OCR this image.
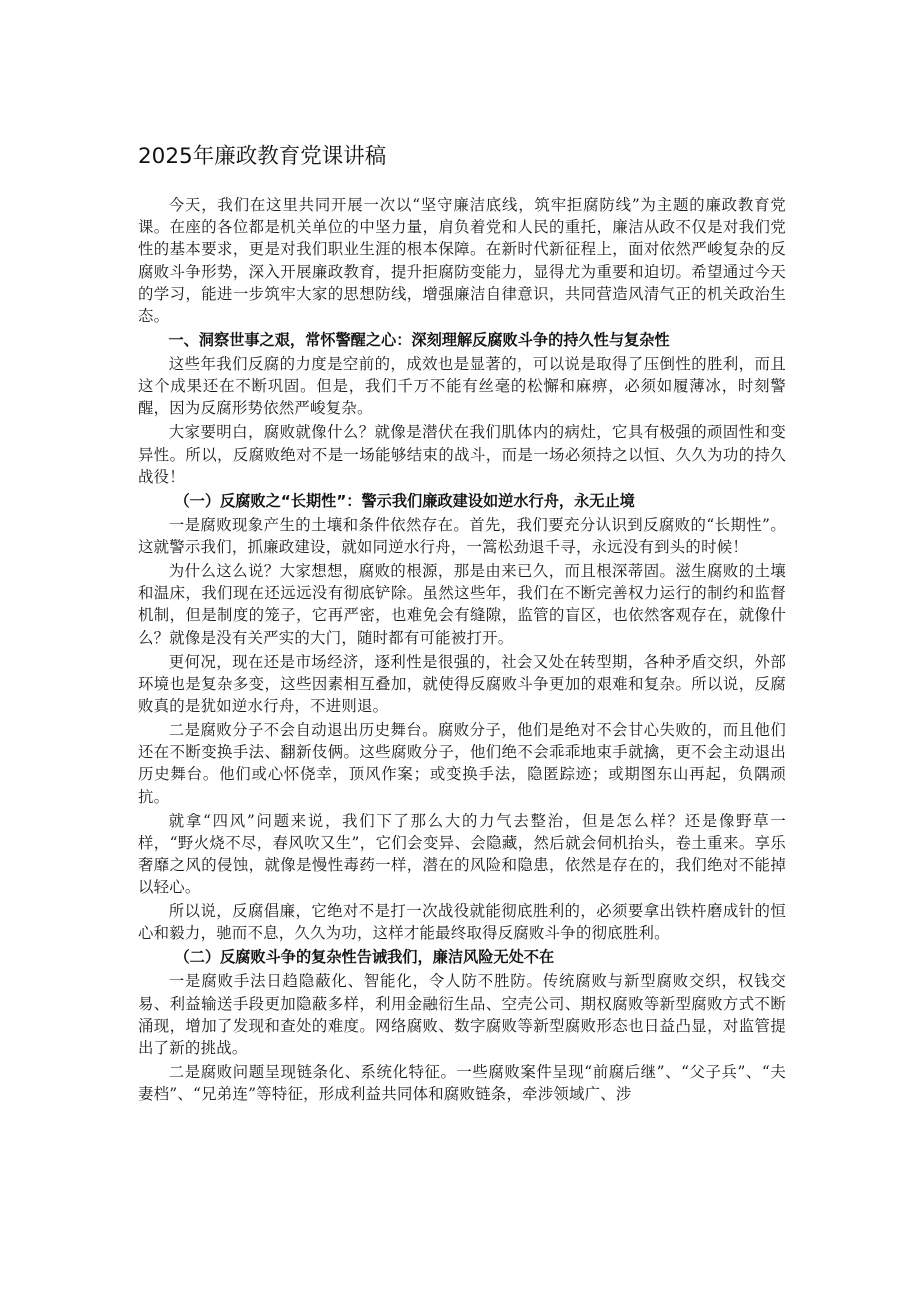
2025年廉政教育党课讲稿

今天，我们在这里共同开展一次以“坚守廉洁底线，筑牢拒腐防线”为主题的廉政教育党课。在座的各位都是机关单位的中坚力量，肩负着党和人民的重托，廉洁从政不仅是对我们党性的基本要求，更是对我们职业生涯的根本保障。在新时代新征程上，面对依然严峻复杂的反腐败斗争形势，深入开展廉政教育，提升拒腐防变能力，显得尤为重要和迫切。希望通过今天的学习，能进一步筑牢大家的思想防线，增强廉洁自律意识，共同营造风清气正的机关政治生态。

一、洞察世事之艰，常怀警醒之心：深刻理解反腐败斗争的持久性与复杂性

这些年我们反腐的力度是空前的，成效也是显著的，可以说是取得了压倒性的胜利，而且这个成果还在不断巩固。但是，我们千万不能有丝毫的松懈和麻痹，必须如履薄冰，时刻警醒，因为反腐形势依然严峻复杂。

大家要明白，腐败就像什么？就像是潜伏在我们肌体内的病灶，它具有极强的顽固性和变异性。所以，反腐败绝对不是一场能够结束的战斗，而是一场必须持之以恒、久久为功的持久战役！

（一）反腐败之“长期性”：警示我们廉政建设如逆水行舟，永无止境

一是腐败现象产生的土壤和条件依然存在。首先，我们要充分认识到反腐败的“长期性”。这就警示我们，抓廉政建设，就如同逆水行舟，一篙松劲退千寻，永远没有到头的时候！

为什么这么说？大家想想，腐败的根源，那是由来已久，而且根深蒂固。滋生腐败的土壤和温床，我们现在还远远没有彻底铲除。虽然这些年，我们在不断完善权力运行的制约和监督机制，但是制度的笼子，它再严密，也难免会有缝隙，监管的盲区，也依然客观存在，就像什么？就像是没有关严实的大门，随时都有可能被打开。

更何况，现在还是市场经济，逐利性是很强的，社会又处在转型期，各种矛盾交织，外部环境也是复杂多变，这些因素相互叠加，就使得反腐败斗争更加的艰难和复杂。所以说，反腐败真的是犹如逆水行舟，不进则退。

二是腐败分子不会自动退出历史舞台。腐败分子，他们是绝对不会甘心失败的，而且他们还在不断变换手法、翻新伎俩。这些腐败分子，他们绝不会乖乖地束手就擒，更不会主动退出历史舞台。他们或心怀侥幸，顶风作案；或变换手法，隐匿踪迹；或期图东山再起，负隅顽抗。

就拿“四风”问题来说，我们下了那么大的力气去整治，但是怎么样？还是像野草一样，“野火烧不尽，春风吹又生”，它们会变异、会隐藏，然后就会伺机抬头，卷土重来。享乐奢靡之风的侵蚀，就像是慢性毒药一样，潜在的风险和隐患，依然是存在的，我们绝对不能掉以轻心。

所以说，反腐倡廉，它绝对不是打一次战役就能彻底胜利的，必须要拿出铁杵磨成针的恒心和毅力，驰而不息，久久为功，这样才能最终取得反腐败斗争的彻底胜利。

（二）反腐败斗争的复杂性告诫我们，廉洁风险无处不在

一是腐败手法日趋隐蔽化、智能化，令人防不胜防。传统腐败与新型腐败交织，权钱交易、利益输送手段更加隐蔽多样，利用金融衍生品、空壳公司、期权腐败等新型腐败方式不断涌现，增加了发现和查处的难度。网络腐败、数字腐败等新型腐败形态也日益凸显，对监管提出了新的挑战。

二是腐败问题呈现链条化、系统化特征。一些腐败案件呈现“前腐后继”、“父子兵”、“夫妻档”、“兄弟连”等特征，形成利益共同体和腐败链条，牵涉领域广、涉
